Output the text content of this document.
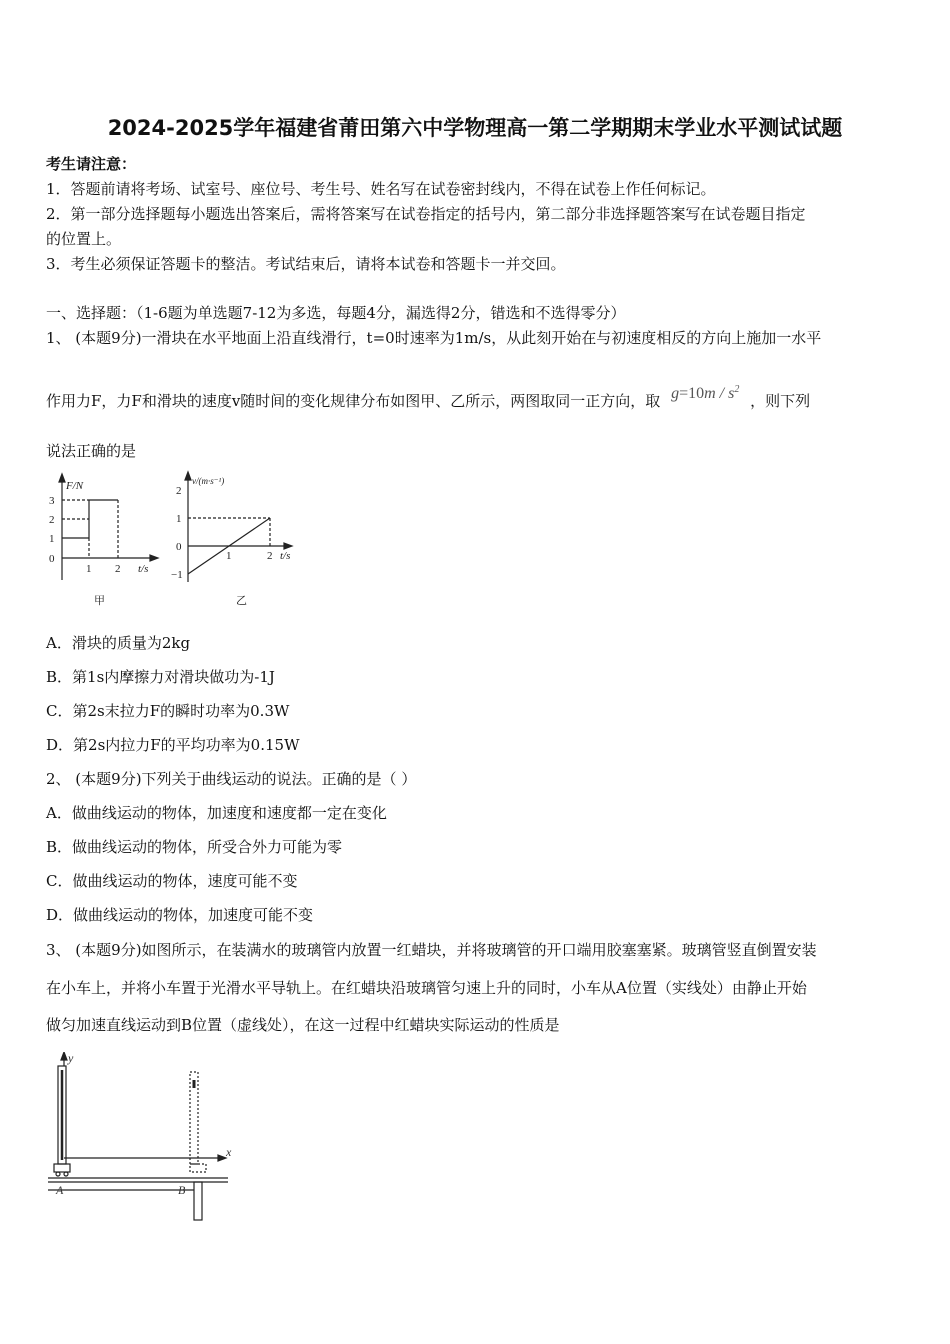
2024-2025学年福建省莆田第六中学物理高一第二学期期末学业水平测试试题
考生请注意：
1．答题前请将考场、试室号、座位号、考生号、姓名写在试卷密封线内，不得在试卷上作任何标记。
2．第一部分选择题每小题选出答案后，需将答案写在试卷指定的括号内，第二部分非选择题答案写在试卷题目指定
的位置上。
3．考生必须保证答题卡的整洁。考试结束后，请将本试卷和答题卡一并交回。
一、选择题：（1-6题为单选题7-12为多选，每题4分，漏选得2分，错选和不选得零分）
1、 (本题9分)一滑块在水平地面上沿直线滑行，t=0时速率为1m/s，从此刻开始在与初速度相反的方向上施加一水平
作用力F，力F和滑块的速度v随时间的变化规律分布如图甲、乙所示，两图取同一正方向，取 $g=10m / s^2$ ，则下列
说法正确的是
F/N
3
2
1
0
1 2 t/s
甲
v/(m·s⁻¹)
2
1
0
−1
1	2 t/s
乙
A．滑块的质量为2kg
B．第1s内摩擦力对滑块做功为-1J
C．第2s末拉力F的瞬时功率为0.3W
D．第2s内拉力F的平均功率为0.15W
2、 (本题9分)下列关于曲线运动的说法。正确的是（ ）
A．做曲线运动的物体，加速度和速度都一定在变化
B．做曲线运动的物体，所受合外力可能为零
C．做曲线运动的物体，速度可能不变
D．做曲线运动的物体，加速度可能不变
3、 (本题9分)如图所示，在装满水的玻璃管内放置一红蜡块，并将玻璃管的开口端用胶塞塞紧。玻璃管竖直倒置安装
在小车上，并将小车置于光滑水平导轨上。在红蜡块沿玻璃管匀速上升的同时，小车从A位置（实线处）由静止开始
做匀加速直线运动到B位置（虚线处），在这一过程中红蜡块实际运动的性质是
y
x
A	B
